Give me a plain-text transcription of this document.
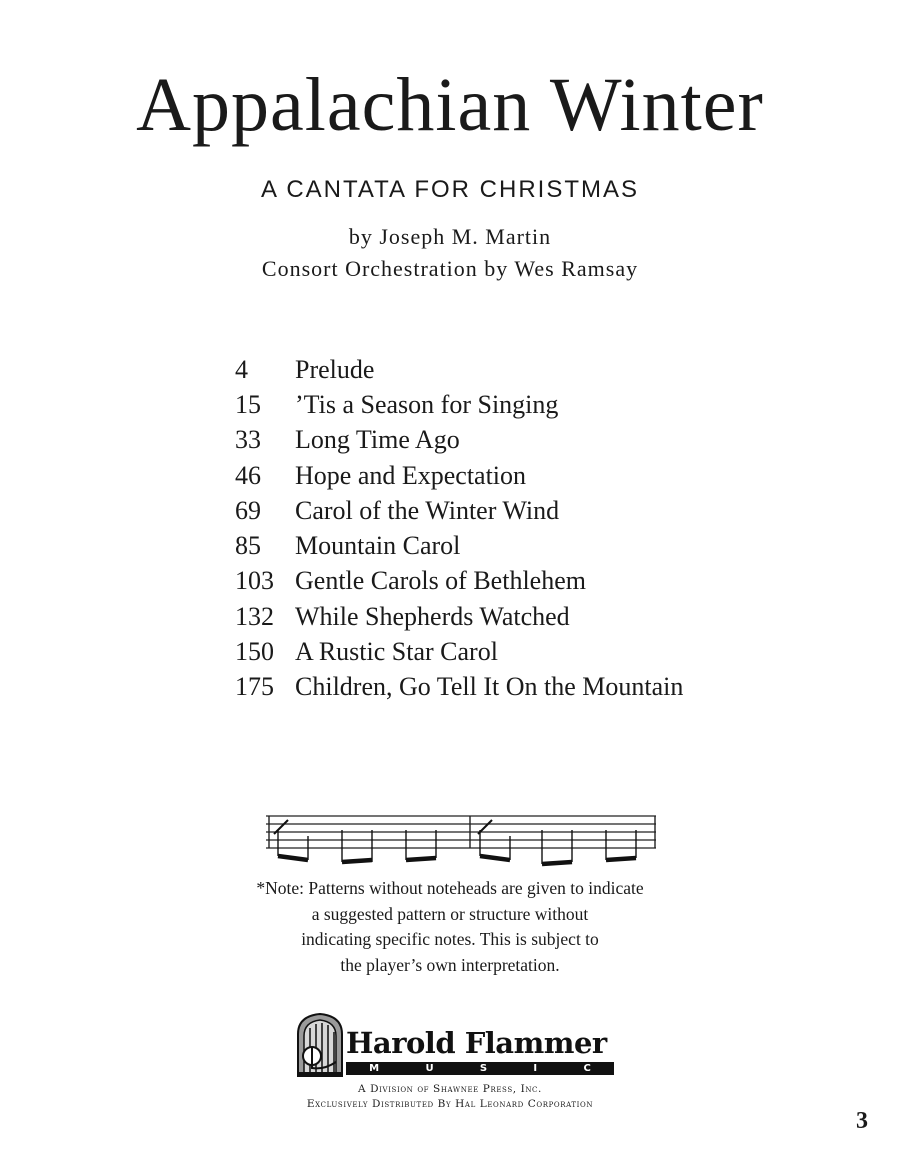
Appalachian Winter
A CANTATA FOR CHRISTMAS
by Joseph M. Martin
Consort Orchestration by Wes Ramsay
4	Prelude
15	’Tis a Season for Singing
33	Long Time Ago
46	Hope and Expectation
69	Carol of the Winter Wind
85	Mountain Carol
103 Gentle Carols of Bethlehem
132 While Shepherds Watched
150 A Rustic Star Carol
175 Children, Go Tell It On the Mountain
*Note: Patterns without noteheads are given to indicate
a suggested pattern or structure without
indicating specific notes. This is subject to
the player’s own interpretation.
Harold Flammer
M	U	S	I	C
A Division of Shawnee Press, Inc.
Exclusively Distributed By Hal Leonard Corporation
3
